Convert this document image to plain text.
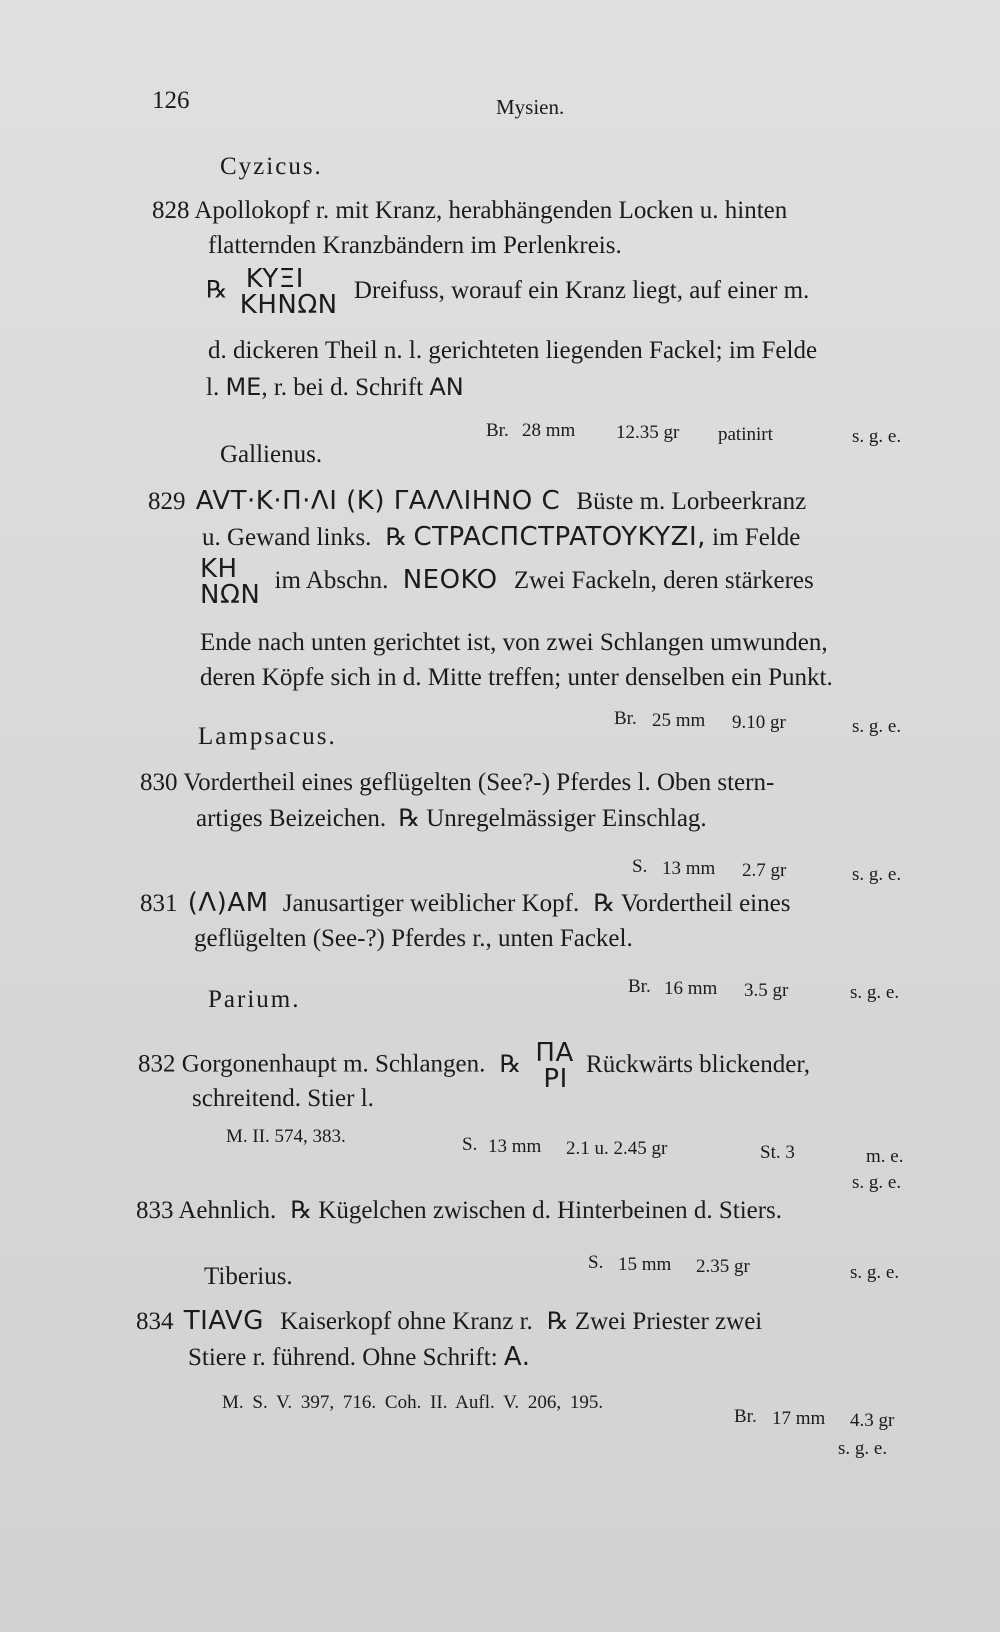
126	Mysien.
Cyzicus.
828 Apollokopf r. mit Kranz, herabhängenden Locken u. hinten
flatternden Kranzbändern im Perlenkreis.
℞ KYΞI
KHNΩN Dreifuss, worauf ein Kranz liegt, auf einer m.
d. dickeren Theil n. l. gerichteten liegenden Fackel; im Felde
l. ME, r. bei d. Schrift AN
Br. 28 mm 12.35 gr patinirt	s. g. e.
Gallienus.
829 AVT·K·Π·ΛI (K) ΓΑΛΛΙΗΝΟ C Büste m. Lorbeerkranz
u. Gewand links. ℞ CTPACΠCTPATOYKYZI, im Felde
KH
NΩN im Abschn. NEOKO Zwei Fackeln, deren stärkeres
Ende nach unten gerichtet ist, von zwei Schlangen umwunden,
deren Köpfe sich in d. Mitte treffen; unter denselben ein Punkt.
Br. 25 mm 9.10 gr	s. g. e.
Lampsacus.
830 Vordertheil eines geflügelten (See?-) Pferdes l. Oben stern-
artiges Beizeichen. ℞ Unregelmässiger Einschlag.
S. 13 mm 2.7 gr	s. g. e.
831 (Λ)AM Janusartiger weiblicher Kopf. ℞ Vordertheil eines
geflügelten (See-?) Pferdes r., unten Fackel.
Br. 16 mm 3.5 gr	s. g. e.
Parium.
832 Gorgonenhaupt m. Schlangen. ℞ ΠA
PI Rückwärts blickender,
schreitend. Stier l.
M. II. 574, 383.	S. 13 mm 2.1 u. 2.45 gr	St. 3	m. e.
s. g. e.
833 Aehnlich. ℞ Kügelchen zwischen d. Hinterbeinen d. Stiers.
S. 15 mm 2.35 gr	s. g. e.
Tiberius.
834 TIAVG Kaiserkopf ohne Kranz r. ℞ Zwei Priester zwei
Stiere r. führend. Ohne Schrift: A.
M. S. V. 397, 716. Coh. II. Aufl. V. 206, 195.
Br. 17 mm 4.3 gr
s. g. e.
